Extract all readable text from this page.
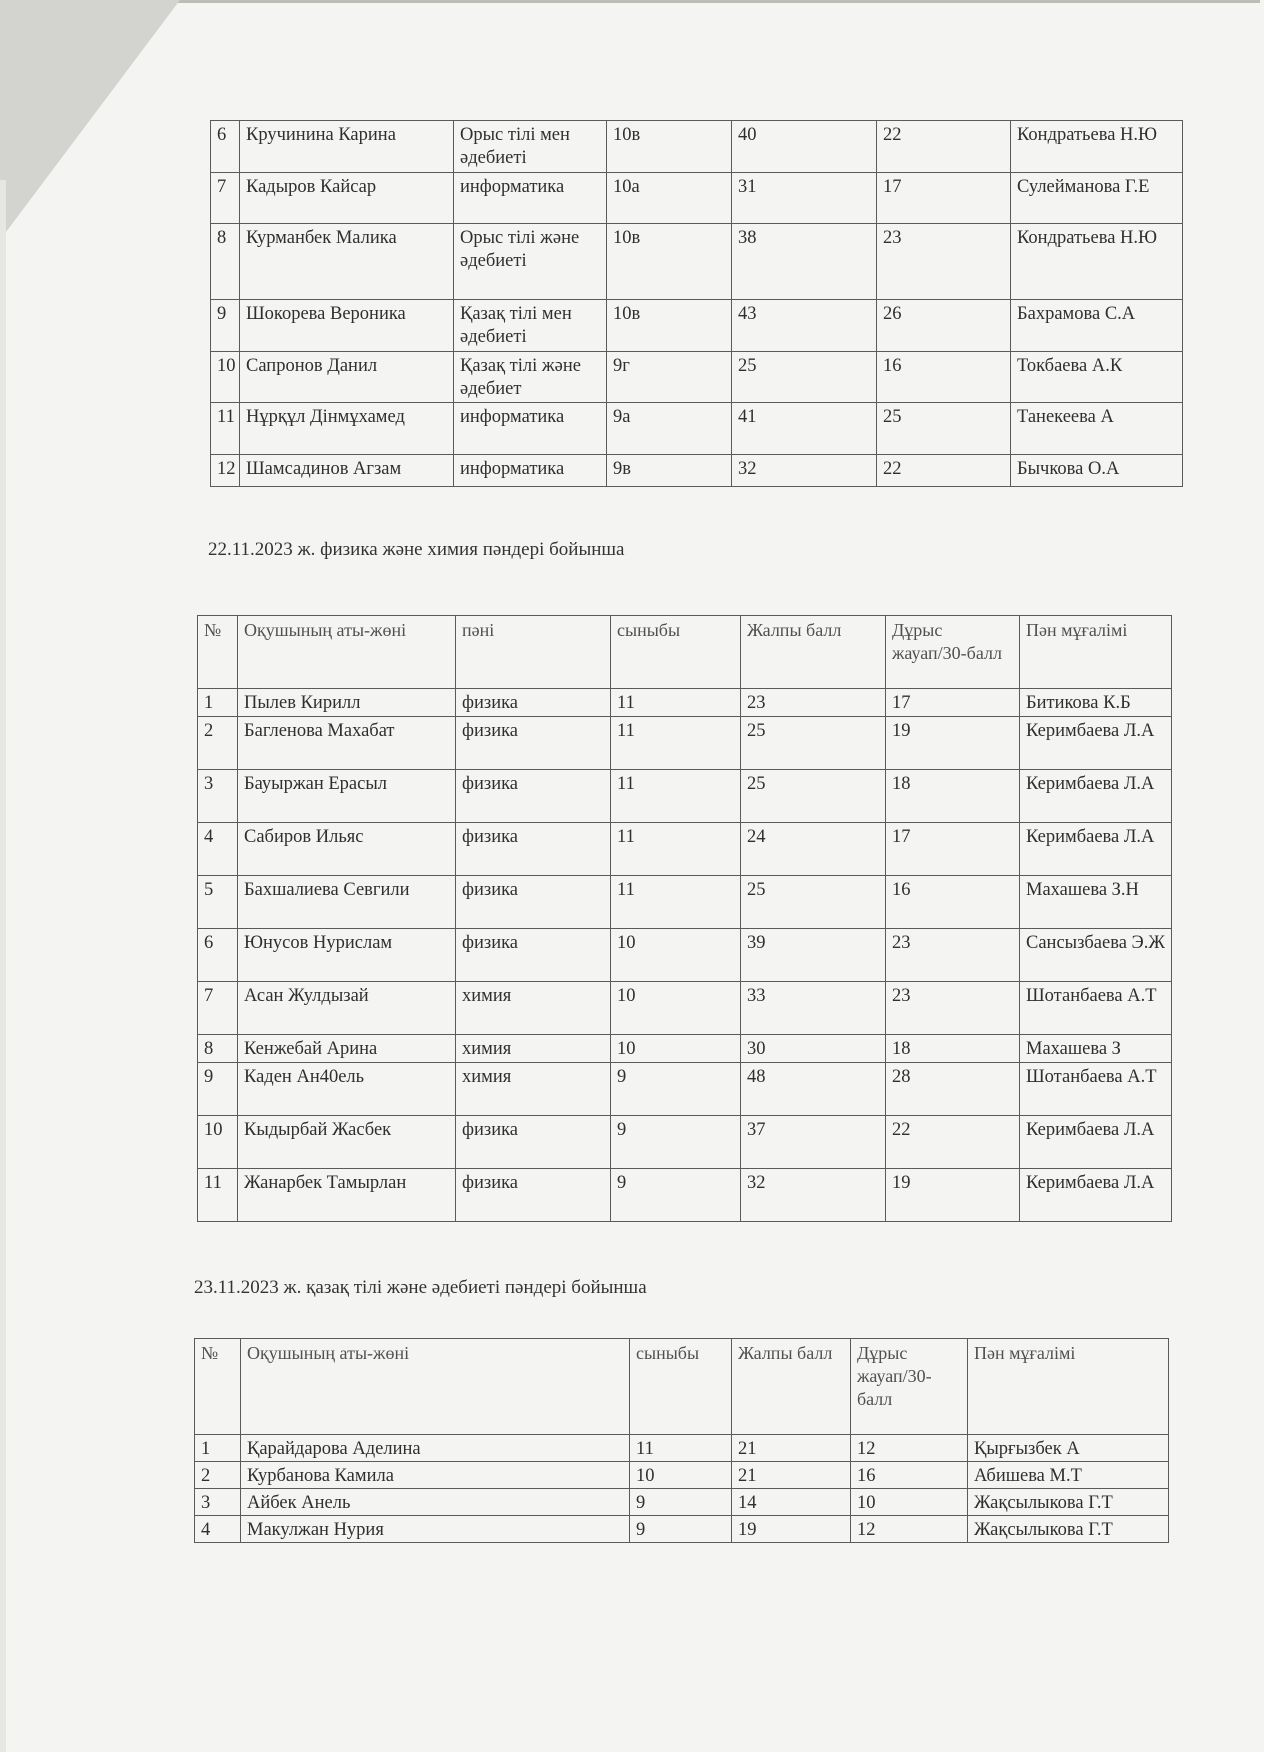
6	Кручинина Карина	Орыс тілі мен әдебиеті	10в	40	22	Кондратьева Н.Ю
7	Кадыров Кайсар	информатика	10а	31	17	Сулейманова Г.Е
8	Курманбек Малика	Орыс тілі және әдебиеті	10в	38	23	Кондратьева Н.Ю
9	Шокорева Вероника	Қазақ тілі мен әдебиеті	10в	43	26	Бахрамова С.А
10	Сапронов Данил	Қазақ тілі және әдебиет	9г	25	16	Токбаева А.К
11	Нұрқұл Дінмұхамед	информатика	9а	41	25	Танекеева А
12	Шамсадинов Агзам	информатика	9в	32	22	Бычкова О.А
22.11.2023 ж. физика және химия пәндері бойынша
№	Оқушының аты-жөні	пәні	сыныбы	Жалпы балл	Дұрыс жауап/30-балл	Пән мұғалімі
1	Пылев Кирилл	физика	11	23	17	Битикова К.Б
2	Багленова Махабат	физика	11	25	19	Керимбаева Л.А
3	Бауыржан Ерасыл	физика	11	25	18	Керимбаева Л.А
4	Сабиров Ильяс	физика	11	24	17	Керимбаева Л.А
5	Бахшалиева Севгили	физика	11	25	16	Махашева З.Н
6	Юнусов Нурислам	физика	10	39	23	Сансызбаева Э.Ж
7	Асан Жулдызай	химия	10	33	23	Шотанбаева А.Т
8	Кенжебай Арина	химия	10	30	18	Махашева З
9	Каден Ан40ель	химия	9	48	28	Шотанбаева А.Т
10	Кыдырбай Жасбек	физика	9	37	22	Керимбаева Л.А
11	Жанарбек Тамырлан	физика	9	32	19	Керимбаева Л.А
23.11.2023 ж. қазақ тілі және әдебиеті пәндері бойынша
№	Оқушының аты-жөні	сыныбы	Жалпы балл	Дұрыс жауап/30-балл	Пән мұғалімі
1	Қарайдарова Аделина	11	21	12	Қырғызбек А
2	Курбанова Камила	10	21	16	Абишева М.Т
3	Айбек Анель	9	14	10	Жақсылыкова Г.Т
4	Макулжан Нурия	9	19	12	Жақсылыкова Г.Т
